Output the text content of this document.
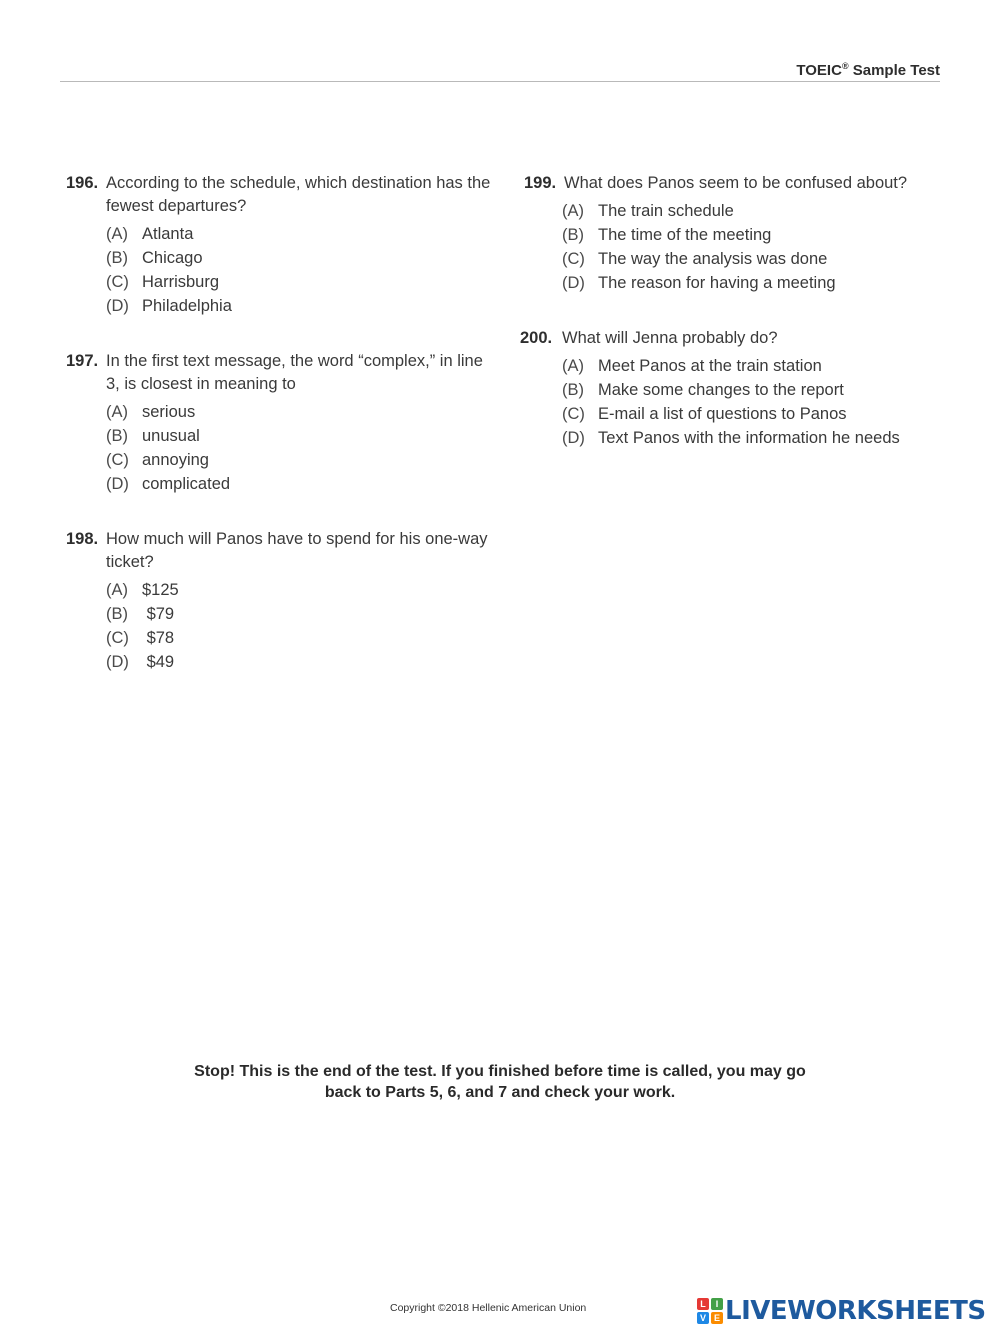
TOEIC® Sample Test
196. According to the schedule, which destination has the fewest departures?
(A) Atlanta
(B) Chicago
(C) Harrisburg
(D) Philadelphia
197. In the first text message, the word “complex,” in line 3, is closest in meaning to
(A) serious
(B) unusual
(C) annoying
(D) complicated
198. How much will Panos have to spend for his one-way ticket?
(A) $125
(B) $79
(C) $78
(D) $49
199. What does Panos seem to be confused about?
(A) The train schedule
(B) The time of the meeting
(C) The way the analysis was done
(D) The reason for having a meeting
200. What will Jenna probably do?
(A) Meet Panos at the train station
(B) Make some changes to the report
(C) E-mail a list of questions to Panos
(D) Text Panos with the information he needs
Stop! This is the end of the test. If you finished before time is called, you may go
back to Parts 5, 6, and 7 and check your work.
Copyright ©2018 Hellenic American Union	L	I
V E LIVEWORKSHEETS
